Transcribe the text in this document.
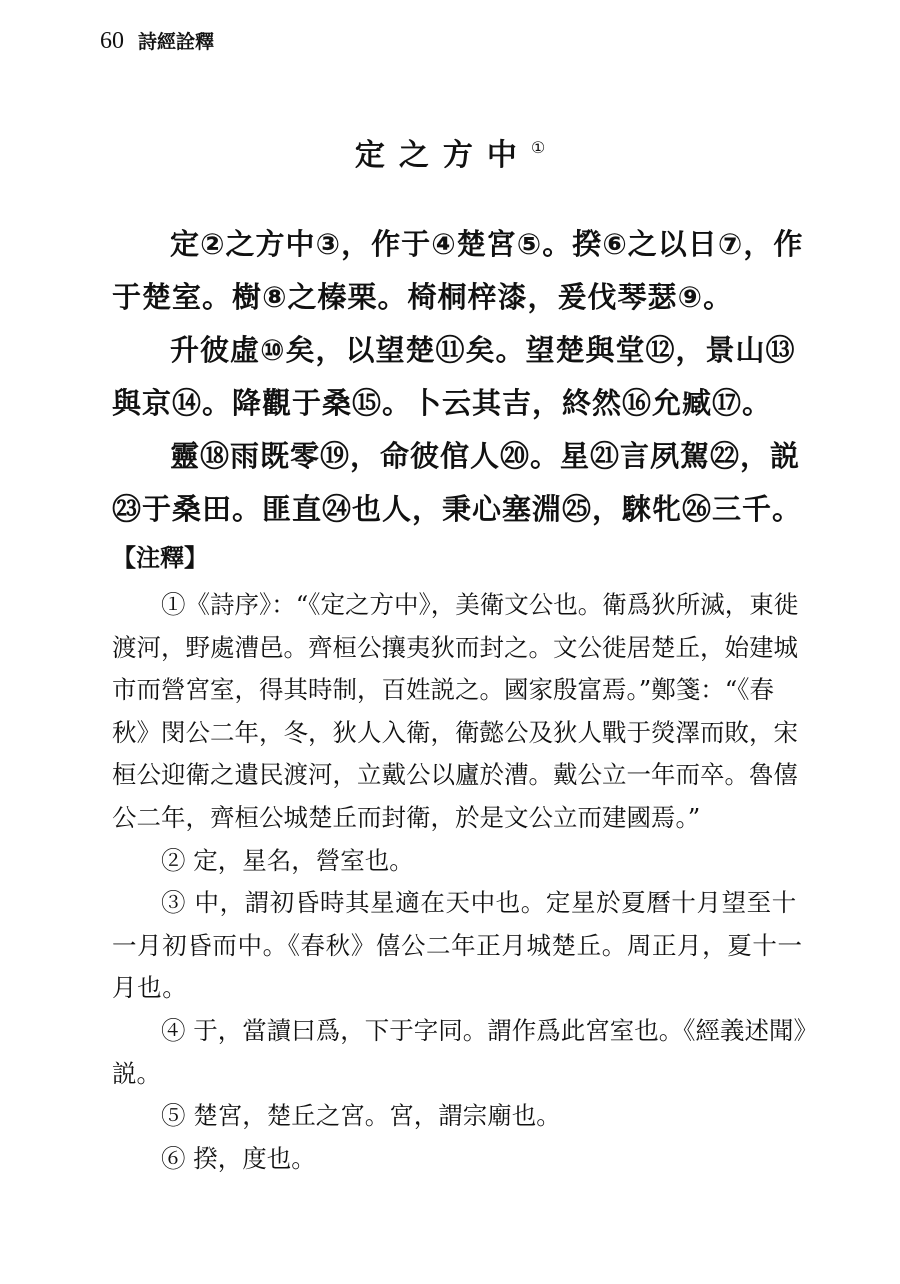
60 詩經詮釋
定之方中①

定②之方中③，作于④楚宮⑤。揆⑥之以日⑦，作于楚室。樹⑧之榛栗。椅桐梓漆，爰伐琴瑟⑨。

升彼虛⑩矣，以望楚⑪矣。望楚與堂⑫，景山⑬與京⑭。降觀于桑⑮。卜云其吉，終然⑯允臧⑰。

靈⑱雨既零⑲，命彼倌人⑳。星㉑言夙駕㉒，説㉓于桑田。匪直㉔也人，秉心塞淵㉕，騋牝㉖三千。

【注釋】

①《詩序》：“《定之方中》，美衛文公也。衛爲狄所滅，東徙渡河，野處漕邑。齊桓公攘夷狄而封之。文公徙居楚丘，始建城市而營宮室，得其時制，百姓説之。國家殷富焉。”鄭箋：“《春秋》閔公二年，冬，狄人入衛，衛懿公及狄人戰于熒澤而敗，宋桓公迎衛之遺民渡河，立戴公以廬於漕。戴公立一年而卒。魯僖公二年，齊桓公城楚丘而封衛，於是文公立而建國焉。”

② 定，星名，營室也。

③ 中，謂初昏時其星適在天中也。定星於夏曆十月望至十一月初昏而中。《春秋》僖公二年正月城楚丘。周正月，夏十一月也。

④ 于，當讀曰爲，下于字同。謂作爲此宮室也。《經義述聞》説。

⑤ 楚宮，楚丘之宮。宮，謂宗廟也。

⑥ 揆，度也。
